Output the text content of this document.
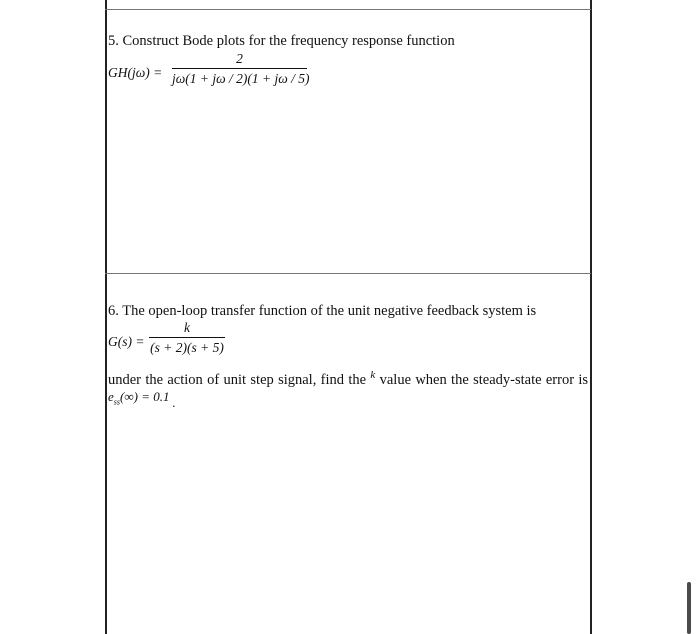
5. Construct Bode plots for the frequency response function
GH(jω) =
2
jω(1 + jω / 2)(1 + jω / 5)
6. The open-loop transfer function of the unit negative feedback system is
G(s) =
k
(s + 2)(s + 5)
under the action of unit step signal, find the $^k$ value when the steady-state error is
$e_{ss}(\infty) = 0.1$ .
